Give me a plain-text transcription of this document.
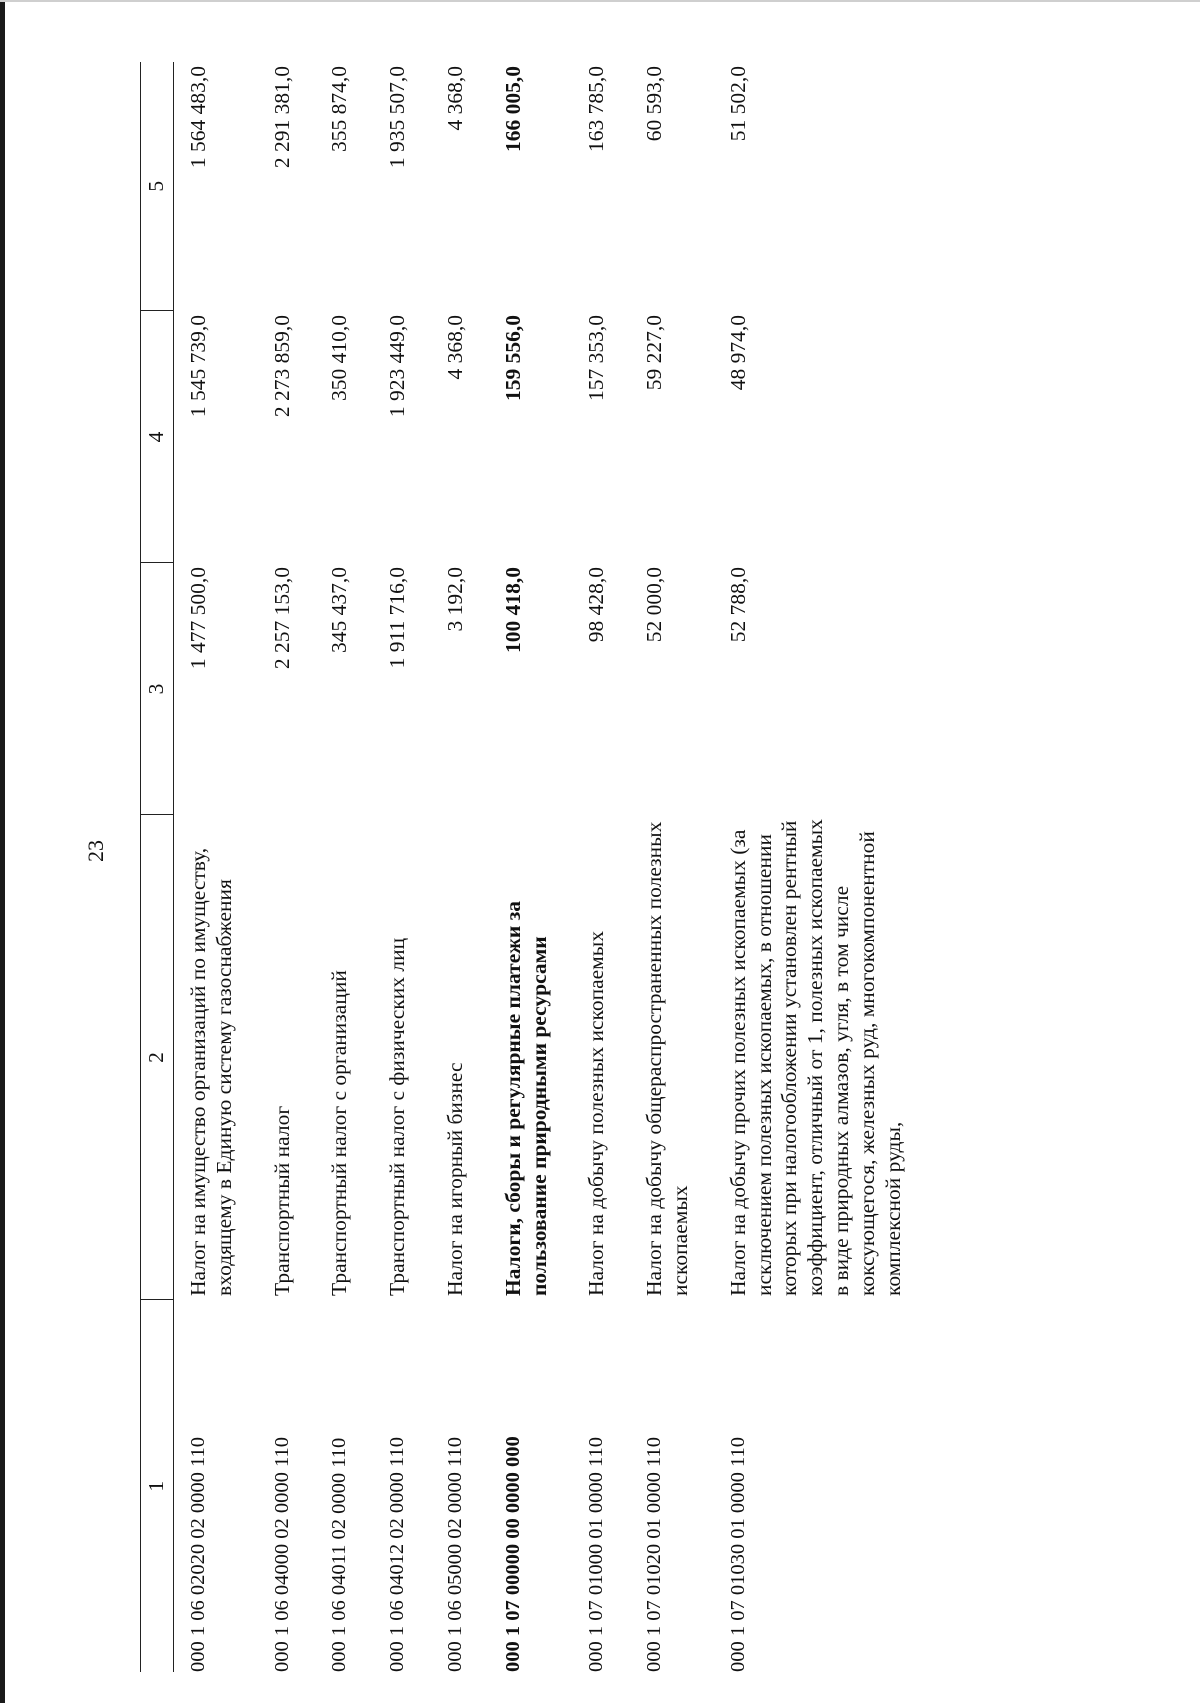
23
1	2	3	4	5
000 1 06 02020 02 0000 110	Налог на имущество организаций по имуществу, входящему в Единую систему газоснабжения	1 477 500,0	1 545 739,0	1 564 483,0
000 1 06 04000 02 0000 110	Транспортный налог	2 257 153,0	2 273 859,0	2 291 381,0
000 1 06 04011 02 0000 110	Транспортный налог с организаций	345 437,0	350 410,0	355 874,0
000 1 06 04012 02 0000 110	Транспортный налог с физических лиц	1 911 716,0	1 923 449,0	1 935 507,0
000 1 06 05000 02 0000 110	Налог на игорный бизнес	3 192,0	4 368,0	4 368,0
000 1 07 00000 00 0000 000	Налоги, сборы и регулярные платежи за пользование природными ресурсами	100 418,0	159 556,0	166 005,0
000 1 07 01000 01 0000 110	Налог на добычу полезных ископаемых	98 428,0	157 353,0	163 785,0
000 1 07 01020 01 0000 110	Налог на добычу общераспространенных полезных ископаемых	52 000,0	59 227,0	60 593,0
000 1 07 01030 01 0000 110	Налог на добычу прочих полезных ископаемых (за исключением полезных ископаемых, в отношении которых при налогообложении установлен рентный коэффициент, отличный от 1, полезных ископаемых в виде природных алмазов, угля, в том числе коксующегося, железных руд, многокомпонентной комплексной руды,	52 788,0	48 974,0	51 502,0
